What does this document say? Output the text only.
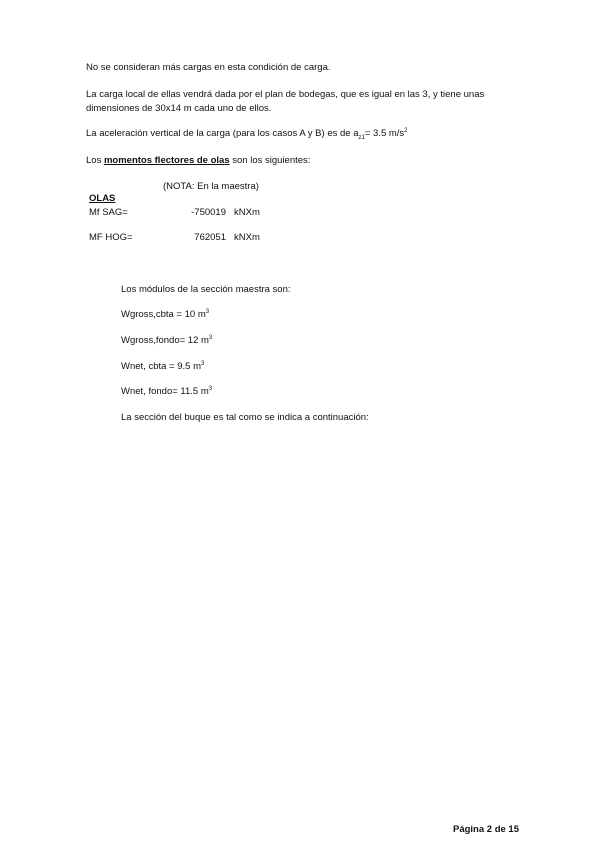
No se consideran más cargas en esta condición de carga.
La carga local de ellas vendrá dada por el plan de bodegas, que es igual en las 3, y tiene unas dimensiones de 30x14 m cada uno de ellos.
La aceleración vertical de la carga (para los casos A y B) es de $a_{z1}= 3.5$ $m/s^2$
Los momentos flectores de olas son los siguientes:
(NOTA: En la maestra)
OLAS
Mf SAG=	-750019 kNXm
MF HOG=	762051 kNXm
Los módulos de la sección maestra son:
Wgross,cbta = 10 $m^3$
Wgross,fondo= 12 $m^3$
Wnet, cbta = 9.5 $m^3$
Wnet, fondo= 11.5 $m^3$
La sección del buque es tal como se indica a continuación:
Página 2 de 15
